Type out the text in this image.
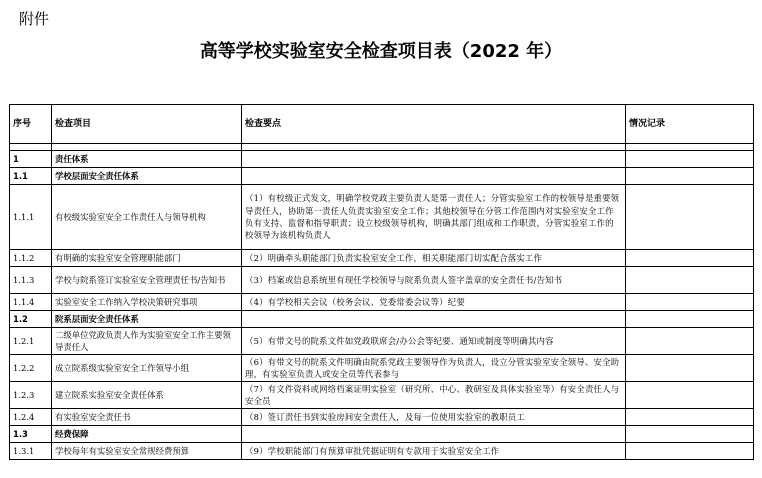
附件
高等学校实验室安全检查项目表（2022 年）
序号	检查项目	检查要点	情况记录

1	责任体系		
1.1	学校层面安全责任体系		
1.1.1	有校级实验室安全工作责任人与领导机构	（1）有校级正式发文，明确学校党政主要负责人是第一责任人；分管实验室工作的校领导是重要领导责任人，协助第一责任人负责实验室安全工作；其他校领导在分管工作范围内对实验室安全工作负有支持、监督和指导职责；设立校级领导机构，明确其部门组成和工作职责，分管实验室工作的校领导为该机构负责人	
1.1.2	有明确的实验室安全管理职能部门	（2）明确牵头职能部门负责实验室安全工作，相关职能部门切实配合落实工作	
1.1.3	学校与院系签订实验室安全管理责任书/告知书	（3）档案或信息系统里有现任学校领导与院系负责人签字盖章的安全责任书/告知书	
1.1.4	实验室安全工作纳入学校决策研究事项	（4）有学校相关会议（校务会议、党委常委会议等）纪要	
1.2	院系层面安全责任体系		
1.2.1	二级单位党政负责人作为实验室安全工作主要领导责任人	（5）有带文号的院系文件如党政联席会/办公会等纪要、通知或制度等明确其内容	
1.2.2	成立院系级实验室安全工作领导小组	（6）有带文号的院系文件明确由院系党政主要领导作为负责人，设立分管实验室安全领导、安全助理，有实验室负责人或安全员等代表参与	
1.2.3	建立院系实验室安全责任体系	（7）有文件资料或网络档案证明实验室（研究所、中心、教研室及具体实验室等）有安全责任人与安全员	
1.2.4	有实验室安全责任书	（8）签订责任书到实验房间安全责任人，及每一位使用实验室的教职员工	
1.3	经费保障		
1.3.1	学校每年有实验室安全常规经费预算	（9）学校职能部门有预算审批凭据证明有专款用于实验室安全工作	
